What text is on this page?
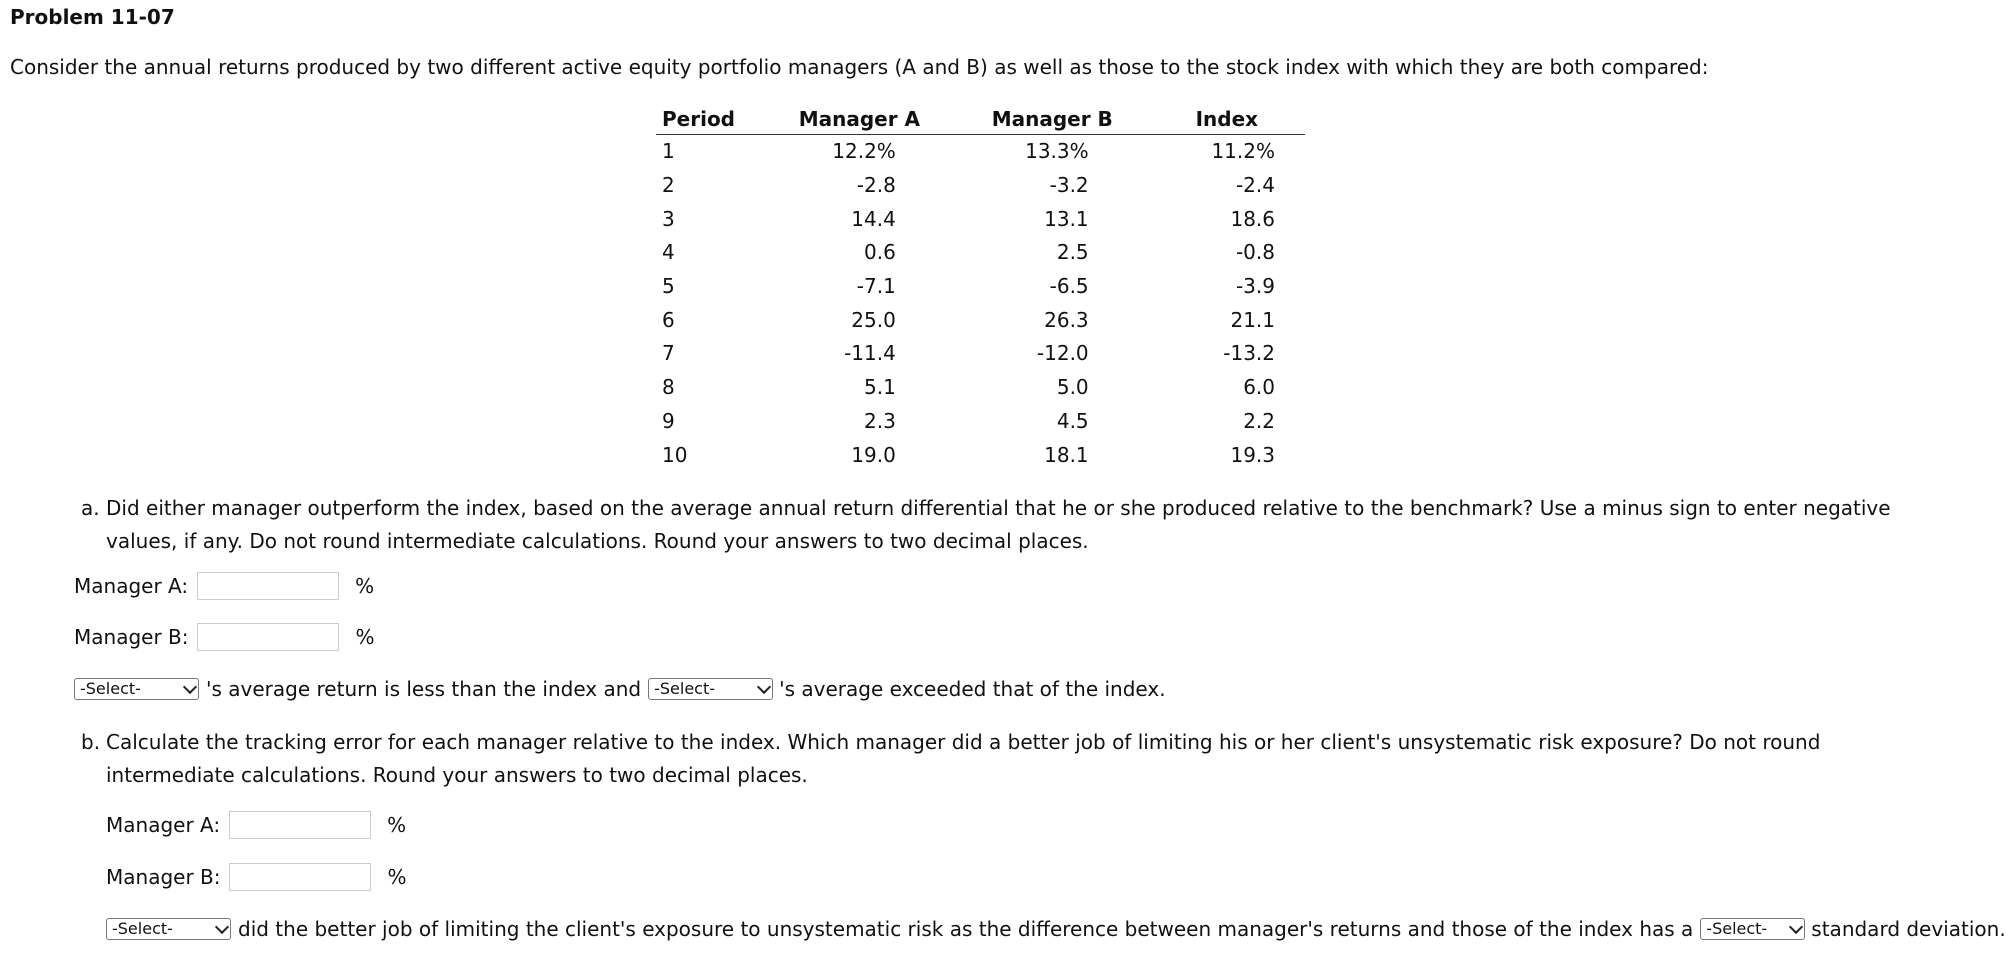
Problem 11-07
Consider the annual returns produced by two different active equity portfolio managers (A and B) as well as those to the stock index with which they are both compared:
Period	Manager A	Manager B	Index
1	12.2%	13.3%	11.2%
2	-2.8	-3.2	-2.4
3	14.4	13.1	18.6
4	0.6	2.5	-0.8
5	-7.1	-6.5	-3.9
6	25.0	26.3	21.1
7	-11.4	-12.0	-13.2
8	5.1	5.0	6.0
9	2.3	4.5	2.2
10	19.0	18.1	19.3
a. Did either manager outperform the index, based on the average annual return differential that he or she produced relative to the benchmark? Use a minus sign to enter negative values, if any. Do not round intermediate calculations. Round your answers to two decimal places.
Manager A:	%
Manager B:	%
-Select-	's average return is less than the index and -Select-	's average exceeded that of the index.
b. Calculate the tracking error for each manager relative to the index. Which manager did a better job of limiting his or her client's unsystematic risk exposure? Do not round intermediate calculations. Round your answers to two decimal places.
Manager A:	%
Manager B:	%
-Select-	did the better job of limiting the client's exposure to unsystematic risk as the difference between manager's returns and those of the index has a -Select- standard deviation.
